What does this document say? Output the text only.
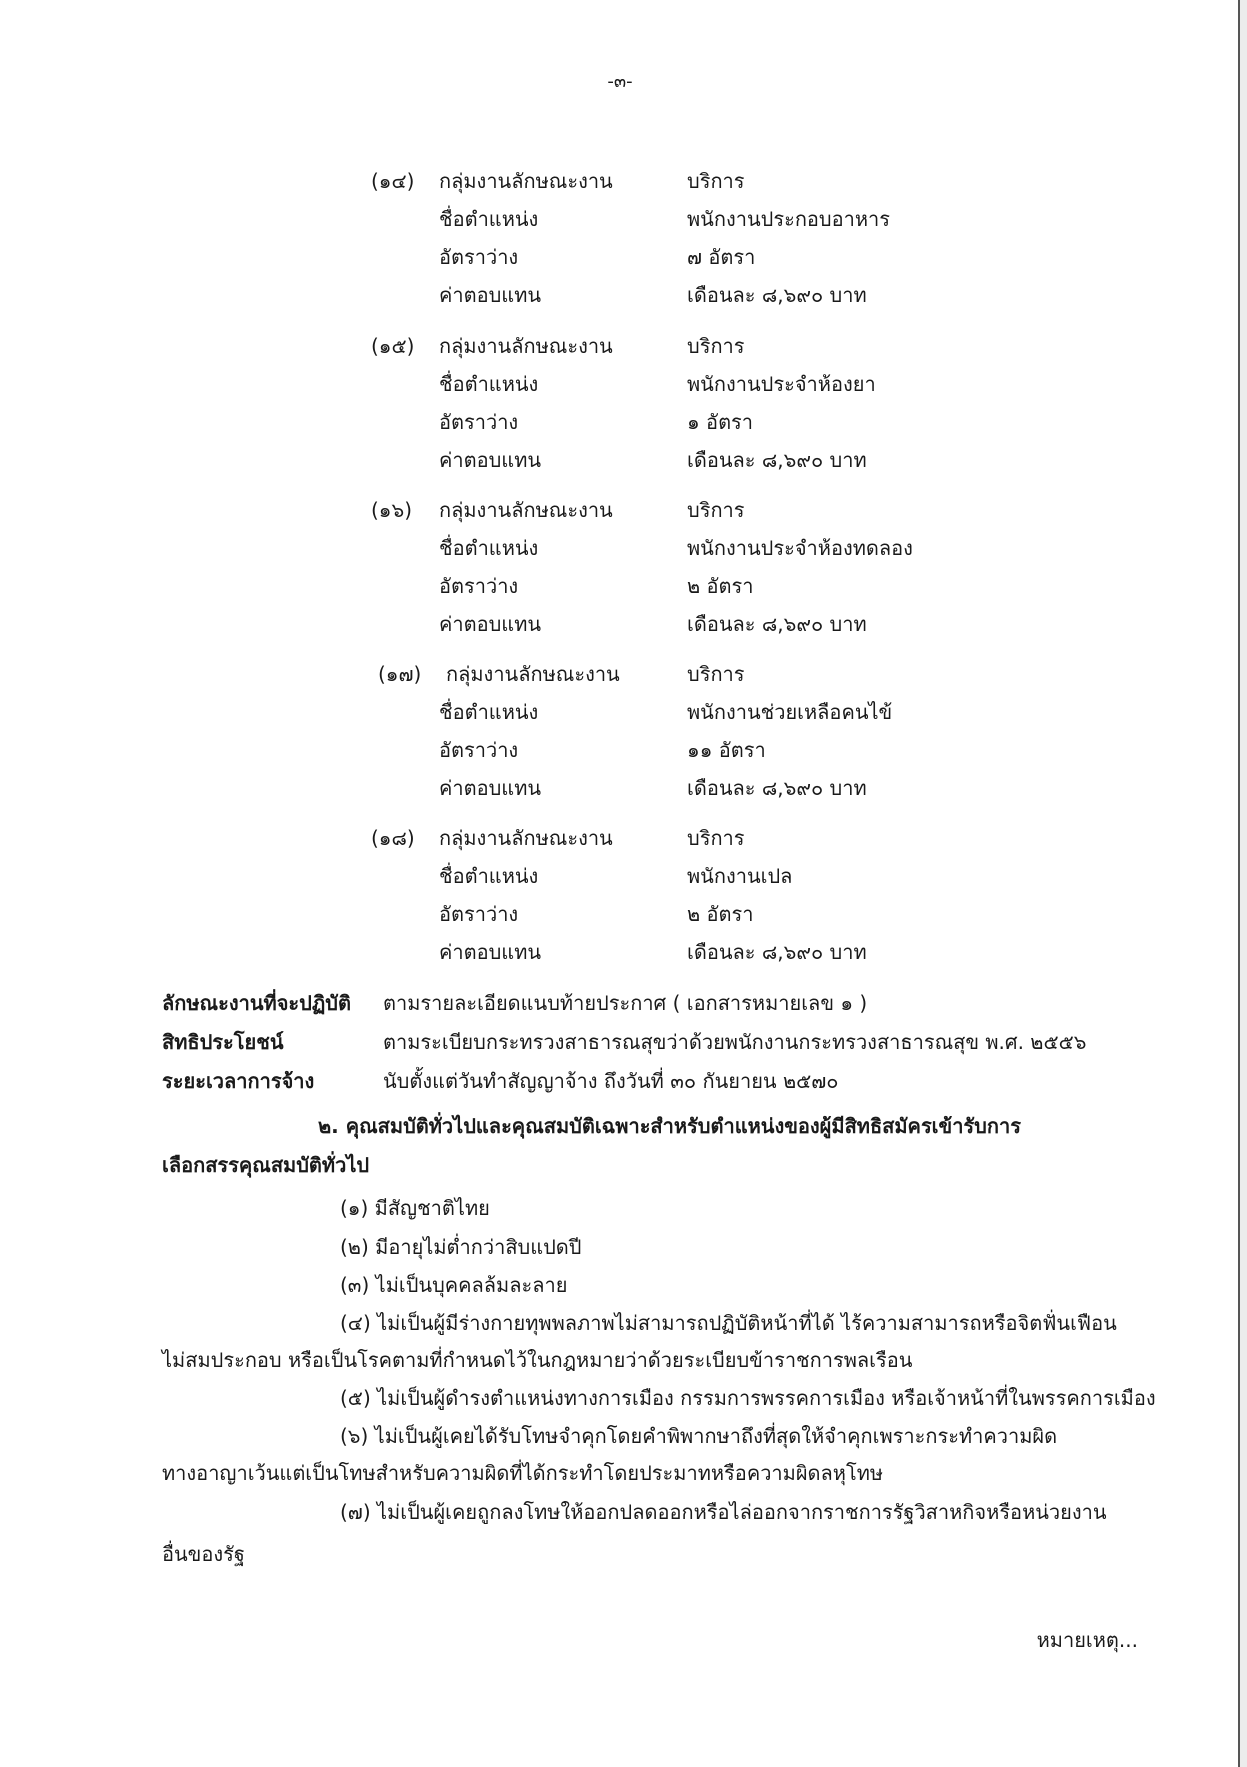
-๓-
(๑๔) กลุ่มงานลักษณะงาน	บริการ
ชื่อตำแหน่ง	พนักงานประกอบอาหาร
อัตราว่าง	๗ อัตรา
ค่าตอบแทน	เดือนละ ๘,๖๙๐ บาท
(๑๕) กลุ่มงานลักษณะงาน	บริการ
ชื่อตำแหน่ง	พนักงานประจำห้องยา
อัตราว่าง	๑ อัตรา
ค่าตอบแทน	เดือนละ ๘,๖๙๐ บาท
(๑๖) กลุ่มงานลักษณะงาน	บริการ
ชื่อตำแหน่ง	พนักงานประจำห้องทดลอง
อัตราว่าง	๒ อัตรา
ค่าตอบแทน	เดือนละ ๘,๖๙๐ บาท
(๑๗) กลุ่มงานลักษณะงาน	บริการ
ชื่อตำแหน่ง	พนักงานช่วยเหลือคนไข้
อัตราว่าง	๑๑ อัตรา
ค่าตอบแทน	เดือนละ ๘,๖๙๐ บาท
(๑๘) กลุ่มงานลักษณะงาน	บริการ
ชื่อตำแหน่ง	พนักงานเปล
อัตราว่าง	๒ อัตรา
ค่าตอบแทน	เดือนละ ๘,๖๙๐ บาท
ลักษณะงานที่จะปฏิบัติ ตามรายละเอียดแนบท้ายประกาศ ( เอกสารหมายเลข ๑ )
สิทธิประโยชน์	ตามระเบียบกระทรวงสาธารณสุขว่าด้วยพนักงานกระทรวงสาธารณสุข พ.ศ. ๒๕๕๖
ระยะเวลาการจ้าง	นับตั้งแต่วันทำสัญญาจ้าง ถึงวันที่ ๓๐ กันยายน ๒๕๗๐
๒. คุณสมบัติทั่วไปและคุณสมบัติเฉพาะสำหรับตำแหน่งของผู้มีสิทธิสมัครเข้ารับการ
เลือกสรรคุณสมบัติทั่วไป
(๑) มีสัญชาติไทย
(๒) มีอายุไม่ต่ำกว่าสิบแปดปี
(๓) ไม่เป็นบุคคลล้มละลาย
(๔) ไม่เป็นผู้มีร่างกายทุพพลภาพไม่สามารถปฏิบัติหน้าที่ได้ ไร้ความสามารถหรือจิตฟั่นเฟือน
ไม่สมประกอบ หรือเป็นโรคตามที่กำหนดไว้ในกฎหมายว่าด้วยระเบียบข้าราชการพลเรือน
(๕) ไม่เป็นผู้ดำรงตำแหน่งทางการเมือง กรรมการพรรคการเมือง หรือเจ้าหน้าที่ในพรรคการเมือง
(๖) ไม่เป็นผู้เคยได้รับโทษจำคุกโดยคำพิพากษาถึงที่สุดให้จำคุกเพราะกระทำความผิด
ทางอาญาเว้นแต่เป็นโทษสำหรับความผิดที่ได้กระทำโดยประมาทหรือความผิดลหุโทษ
(๗) ไม่เป็นผู้เคยถูกลงโทษให้ออกปลดออกหรือไล่ออกจากราชการรัฐวิสาหกิจหรือหน่วยงาน
อื่นของรัฐ
หมายเหตุ...
